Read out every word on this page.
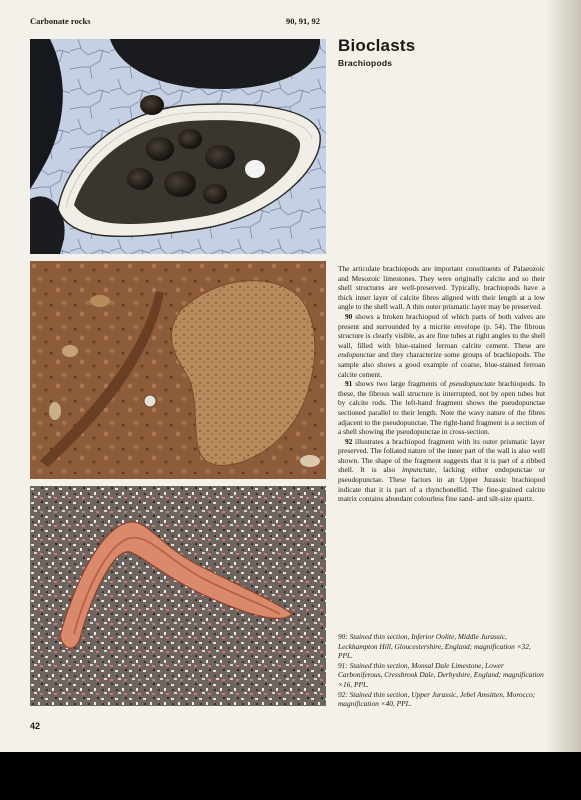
Carbonate rocks	90, 91, 92
Bioclasts
Brachiopods

The articulate brachiopods are important constituents of Palaeozoic and Mesozoic limestones. They were originally calcite and so their shell structures are well-preserved. Typically, brachiopods have a thick inner layer of calcite fibres aligned with their length at a low angle to the shell wall. A thin outer prismatic layer may be preserved.

90 shows a broken brachiopod of which parts of both valves are present and surrounded by a micrite envelope (p. 54). The fibrous structure is clearly visible, as are fine tubes at right angles to the shell wall, filled with blue-stained ferroan calcite cement. These are endopunctae and they characterize some groups of brachiopods. The sample also shows a good example of coarse, blue-stained ferroan calcite cement.

91 shows two large fragments of pseudopunctate brachiopods. In these, the fibrous wall structure is interrupted, not by open tubes but by calcite rods. The left-hand fragment shows the pseudopunctae sectioned parallel to their length. Note the wavy nature of the fibres adjacent to the pseudopunctae. The right-hand fragment is a section of a shell showing the pseudopunctae in cross-section.

92 illustrates a brachiopod fragment with its outer prismatic layer preserved. The foliated nature of the inner part of the wall is also well shown. The shape of the fragment suggests that it is part of a ribbed shell. It is also impunctate, lacking either endopunctae or pseudopunctae. These factors in an Upper Jurassic brachiopod indicate that it is part of a rhynchonellid. The fine-grained calcite matrix contains abundant colourless fine sand- and silt-size quartz.

90: Stained thin section, Inferior Oolite, Middle Jurassic, Leckhampton Hill, Gloucestershire, England; magnification ×32, PPL.

91: Stained thin section, Monsal Dale Limestone, Lower Carboniferous, Cressbrook Dale, Derbyshire, England; magnification ×16, PPL.

92: Stained thin section, Upper Jurassic, Jebel Amsitten, Morocco; magnification ×40, PPL.

42
